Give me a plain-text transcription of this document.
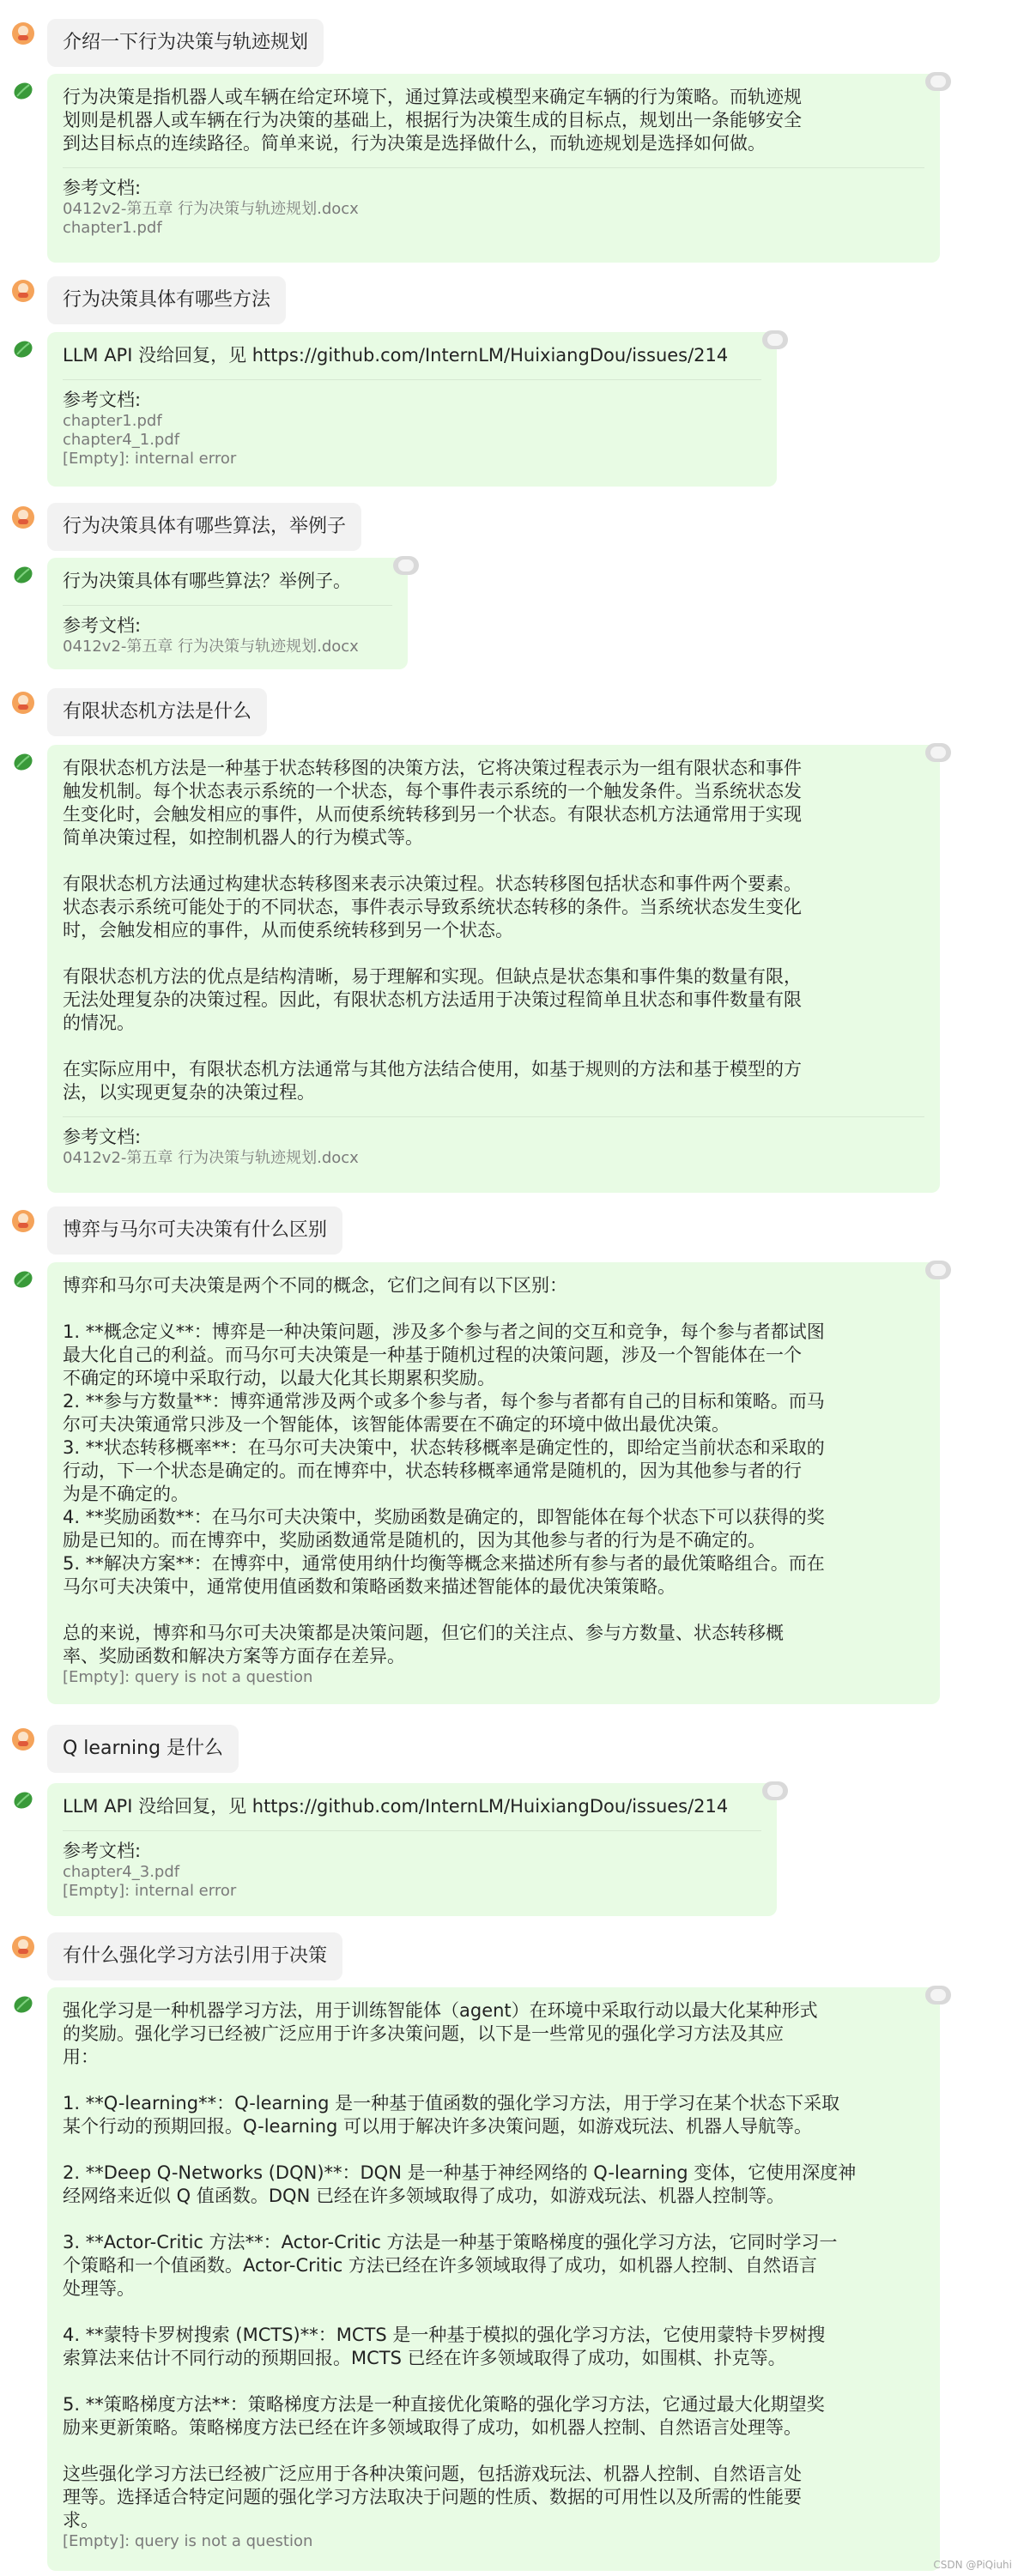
介绍一下行为决策与轨迹规划
行为决策是指机器人或车辆在给定环境下，通过算法或模型来确定车辆的行为策略。而轨迹规
划则是机器人或车辆在行为决策的基础上，根据行为决策生成的目标点，规划出一条能够安全
到达目标点的连续路径。简单来说，行为决策是选择做什么，而轨迹规划是选择如何做。
参考文档:
0412v2-第五章 行为决策与轨迹规划.docx
chapter1.pdf
行为决策具体有哪些方法
LLM API 没给回复，见 https://github.com/InternLM/HuixiangDou/issues/214
参考文档:
chapter1.pdf
chapter4_1.pdf
[Empty]: internal error
行为决策具体有哪些算法，举例子
行为决策具体有哪些算法？举例子。
参考文档:
0412v2-第五章 行为决策与轨迹规划.docx
有限状态机方法是什么
有限状态机方法是一种基于状态转移图的决策方法，它将决策过程表示为一组有限状态和事件
触发机制。每个状态表示系统的一个状态，每个事件表示系统的一个触发条件。当系统状态发
生变化时，会触发相应的事件，从而使系统转移到另一个状态。有限状态机方法通常用于实现
简单决策过程，如控制机器人的行为模式等。

有限状态机方法通过构建状态转移图来表示决策过程。状态转移图包括状态和事件两个要素。
状态表示系统可能处于的不同状态，事件表示导致系统状态转移的条件。当系统状态发生变化
时，会触发相应的事件，从而使系统转移到另一个状态。

有限状态机方法的优点是结构清晰，易于理解和实现。但缺点是状态集和事件集的数量有限，
无法处理复杂的决策过程。因此，有限状态机方法适用于决策过程简单且状态和事件数量有限
的情况。

在实际应用中，有限状态机方法通常与其他方法结合使用，如基于规则的方法和基于模型的方
法，以实现更复杂的决策过程。
参考文档:
0412v2-第五章 行为决策与轨迹规划.docx
博弈与马尔可夫决策有什么区别
博弈和马尔可夫决策是两个不同的概念，它们之间有以下区别：

1. **概念定义**：博弈是一种决策问题，涉及多个参与者之间的交互和竞争，每个参与者都试图
最大化自己的利益。而马尔可夫决策是一种基于随机过程的决策问题，涉及一个智能体在一个
不确定的环境中采取行动，以最大化其长期累积奖励。
2. **参与方数量**：博弈通常涉及两个或多个参与者，每个参与者都有自己的目标和策略。而马
尔可夫决策通常只涉及一个智能体，该智能体需要在不确定的环境中做出最优决策。
3. **状态转移概率**：在马尔可夫决策中，状态转移概率是确定性的，即给定当前状态和采取的
行动，下一个状态是确定的。而在博弈中，状态转移概率通常是随机的，因为其他参与者的行
为是不确定的。
4. **奖励函数**：在马尔可夫决策中，奖励函数是确定的，即智能体在每个状态下可以获得的奖
励是已知的。而在博弈中，奖励函数通常是随机的，因为其他参与者的行为是不确定的。
5. **解决方案**：在博弈中，通常使用纳什均衡等概念来描述所有参与者的最优策略组合。而在
马尔可夫决策中，通常使用值函数和策略函数来描述智能体的最优决策策略。

总的来说，博弈和马尔可夫决策都是决策问题，但它们的关注点、参与方数量、状态转移概
率、奖励函数和解决方案等方面存在差异。
[Empty]: query is not a question
Q learning 是什么
LLM API 没给回复，见 https://github.com/InternLM/HuixiangDou/issues/214
参考文档:
chapter4_3.pdf
[Empty]: internal error
有什么强化学习方法引用于决策
强化学习是一种机器学习方法，用于训练智能体（agent）在环境中采取行动以最大化某种形式
的奖励。强化学习已经被广泛应用于许多决策问题，以下是一些常见的强化学习方法及其应
用：

1. **Q-learning**：Q-learning 是一种基于值函数的强化学习方法，用于学习在某个状态下采取
某个行动的预期回报。Q-learning 可以用于解决许多决策问题，如游戏玩法、机器人导航等。

2. **Deep Q-Networks (DQN)**：DQN 是一种基于神经网络的 Q-learning 变体，它使用深度神
经网络来近似 Q 值函数。DQN 已经在许多领域取得了成功，如游戏玩法、机器人控制等。

3. **Actor-Critic 方法**：Actor-Critic 方法是一种基于策略梯度的强化学习方法，它同时学习一
个策略和一个值函数。Actor-Critic 方法已经在许多领域取得了成功，如机器人控制、自然语言
处理等。

4. **蒙特卡罗树搜索 (MCTS)**：MCTS 是一种基于模拟的强化学习方法，它使用蒙特卡罗树搜
索算法来估计不同行动的预期回报。MCTS 已经在许多领域取得了成功，如围棋、扑克等。

5. **策略梯度方法**：策略梯度方法是一种直接优化策略的强化学习方法，它通过最大化期望奖
励来更新策略。策略梯度方法已经在许多领域取得了成功，如机器人控制、自然语言处理等。

这些强化学习方法已经被广泛应用于各种决策问题，包括游戏玩法、机器人控制、自然语言处
理等。选择适合特定问题的强化学习方法取决于问题的性质、数据的可用性以及所需的性能要
求。
[Empty]: query is not a question
CSDN @PiQiuhi
